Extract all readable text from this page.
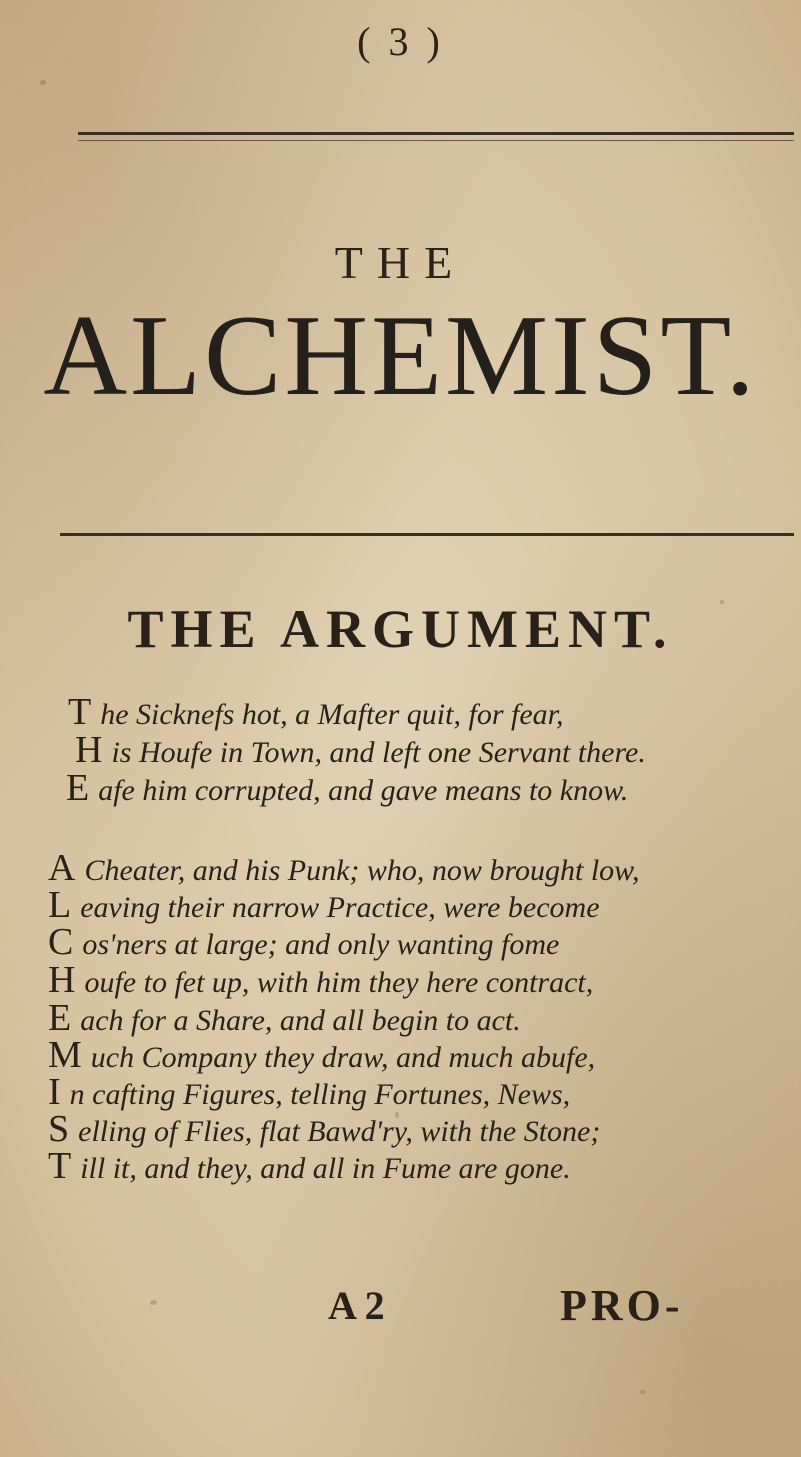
( 3 )
THE
ALCHEMIST.
THE ARGUMENT.
T he Sicknefs hot, a Mafter quit, for fear,
H is Houfe in Town, and left one Servant there.
E afe him corrupted, and gave means to know.
A Cheater, and his Punk; who, now brought low,
L eaving their narrow Practice, were become
C os'ners at large; and only wanting fome
H oufe to fet up, with him they here contract,
E ach for a Share, and all begin to act.
M uch Company they draw, and much abufe,
I n cafting Figures, telling Fortunes, News,
S elling of Flies, flat Bawd'ry, with the Stone;
T ill it, and they, and all in Fume are gone.
A 2	PRO-
